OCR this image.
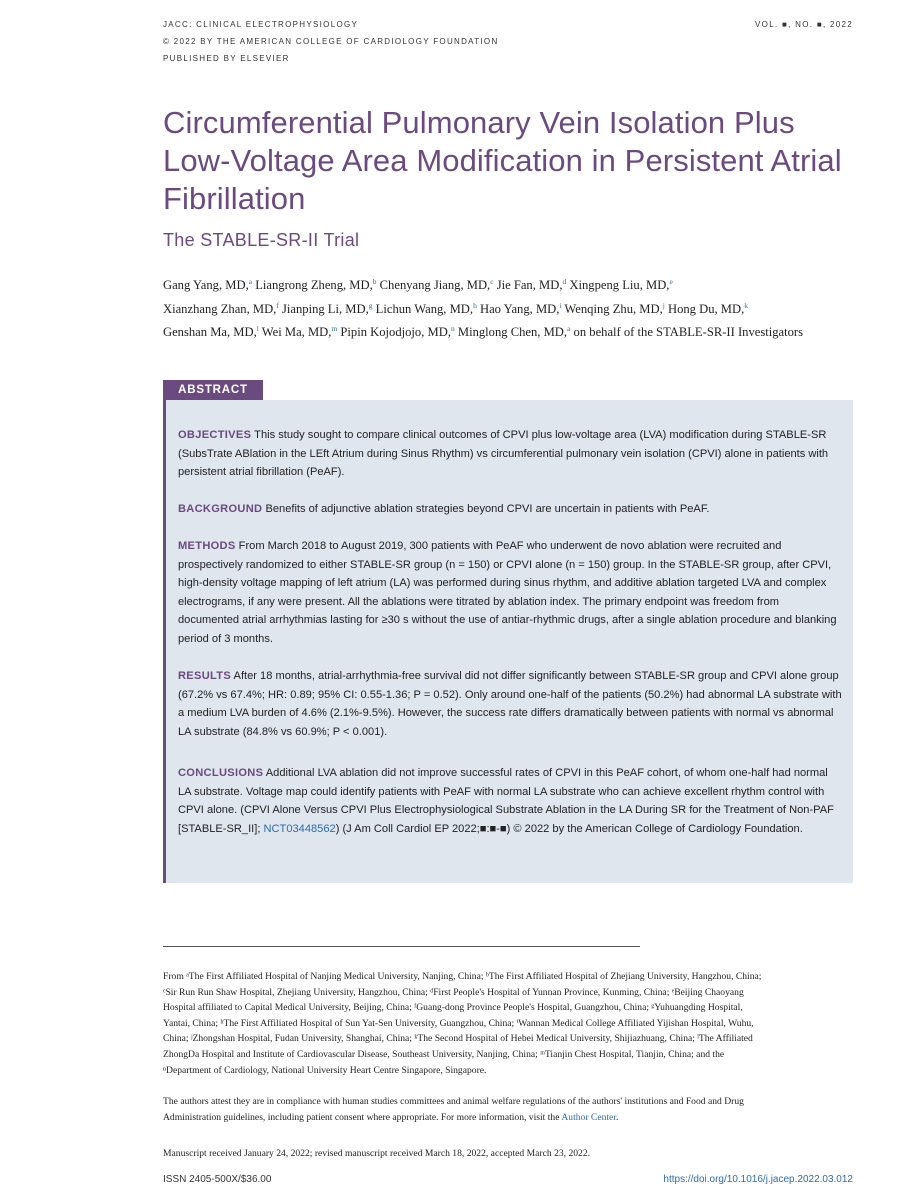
JACC: CLINICAL ELECTROPHYSIOLOGY
© 2022 BY THE AMERICAN COLLEGE OF CARDIOLOGY FOUNDATION
PUBLISHED BY ELSEVIER
VOL. ■, NO. ■, 2022
Circumferential Pulmonary Vein Isolation Plus Low-Voltage Area Modification in Persistent Atrial Fibrillation
The STABLE-SR-II Trial
Gang Yang, MD,$^a$ Liangrong Zheng, MD,$^b$ Chenyang Jiang, MD,$^c$ Jie Fan, MD,$^d$ Xingpeng Liu, MD,$^e$
Xianzhang Zhan, MD,$^f$ Jianping Li, MD,$^g$ Lichun Wang, MD,$^h$ Hao Yang, MD,$^i$ Wenqing Zhu, MD,$^j$ Hong Du, MD,$^k$
Genshan Ma, MD,$^l$ Wei Ma, MD,$^m$ Pipin Kojodjojo, MD,$^n$ Minglong Chen, MD,$^a$ on behalf of the STABLE-SR-II Investigators
ABSTRACT
OBJECTIVES This study sought to compare clinical outcomes of CPVI plus low-voltage area (LVA) modification during STABLE-SR (SubsTrate ABlation in the LEft Atrium during Sinus Rhythm) vs circumferential pulmonary vein isolation (CPVI) alone in patients with persistent atrial fibrillation (PeAF).
BACKGROUND Benefits of adjunctive ablation strategies beyond CPVI are uncertain in patients with PeAF.
METHODS From March 2018 to August 2019, 300 patients with PeAF who underwent de novo ablation were recruited and prospectively randomized to either STABLE-SR group (n = 150) or CPVI alone (n = 150) group. In the STABLE-SR group, after CPVI, high-density voltage mapping of left atrium (LA) was performed during sinus rhythm, and additive ablation targeted LVA and complex electrograms, if any were present. All the ablations were titrated by ablation index. The primary endpoint was freedom from documented atrial arrhythmias lasting for ≥30 s without the use of antiar-rhythmic drugs, after a single ablation procedure and blanking period of 3 months.
RESULTS After 18 months, atrial-arrhythmia-free survival did not differ significantly between STABLE-SR group and CPVI alone group (67.2% vs 67.4%; HR: 0.89; 95% CI: 0.55-1.36; P = 0.52). Only around one-half of the patients (50.2%) had abnormal LA substrate with a medium LVA burden of 4.6% (2.1%-9.5%). However, the success rate differs dramatically between patients with normal vs abnormal LA substrate (84.8% vs 60.9%; P < 0.001).
CONCLUSIONS Additional LVA ablation did not improve successful rates of CPVI in this PeAF cohort, of whom one-half had normal LA substrate. Voltage map could identify patients with PeAF with normal LA substrate who can achieve excellent rhythm control with CPVI alone. (CPVI Alone Versus CPVI Plus Electrophysiological Substrate Ablation in the LA During SR for the Treatment of Non-PAF [STABLE-SR_II]; NCT03448562) (J Am Coll Cardiol EP 2022;■:■-■) © 2022 by the American College of Cardiology Foundation.
From ᵃThe First Affiliated Hospital of Nanjing Medical University, Nanjing, China; ᵇThe First Affiliated Hospital of Zhejiang University, Hangzhou, China; ᶜSir Run Run Shaw Hospital, Zhejiang University, Hangzhou, China; ᵈFirst People's Hospital of Yunnan Province, Kunming, China; ᵉBeijing Chaoyang Hospital affiliated to Capital Medical University, Beijing, China; ᶠGuang-dong Province People's Hospital, Guangzhou, China; ᵍYuhuangding Hospital, Yantai, China; ʰThe First Affiliated Hospital of Sun Yat-Sen University, Guangzhou, China; ⁱWannan Medical College Affiliated Yijishan Hospital, Wuhu, China; ʲZhongshan Hospital, Fudan University, Shanghai, China; ᵏThe Second Hospital of Hebei Medical University, Shijiazhuang, China; ˡThe Affiliated ZhongDa Hospital and Institute of Cardiovascular Disease, Southeast University, Nanjing, China; ᵐTianjin Chest Hospital, Tianjin, China; and the ⁿDepartment of Cardiology, National University Heart Centre Singapore, Singapore.
The authors attest they are in compliance with human studies committees and animal welfare regulations of the authors' institutions and Food and Drug Administration guidelines, including patient consent where appropriate. For more information, visit the Author Center.
Manuscript received January 24, 2022; revised manuscript received March 18, 2022, accepted March 23, 2022.
ISSN 2405-500X/$36.00	https://doi.org/10.1016/j.jacep.2022.03.012
